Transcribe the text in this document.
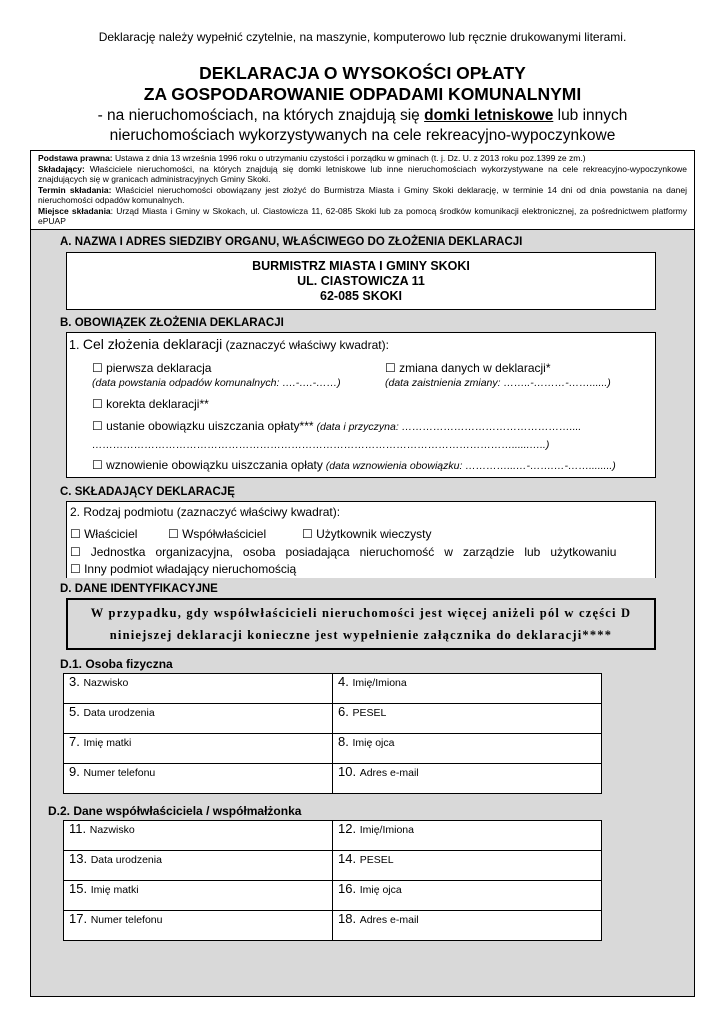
Deklarację należy wypełnić czytelnie, na maszynie, komputerowo lub ręcznie drukowanymi literami.
DEKLARACJA O WYSOKOŚCI OPŁATY
ZA GOSPODAROWANIE ODPADAMI KOMUNALNYMI
- na nieruchomościach, na których znajdują się domki letniskowe lub innych
nieruchomościach wykorzystywanych na cele rekreacyjno-wypoczynkowe
Podstawa prawna: Ustawa z dnia 13 września 1996 roku o utrzymaniu czystości i porządku w gminach (t. j. Dz. U. z 2013 roku poz.1399 ze zm.)
Składający: Właściciele nieruchomości, na których znajdują się domki letniskowe lub inne nieruchomościach wykorzystywane na cele rekreacyjno-wypoczynkowe znajdujących się w granicach administracyjnych Gminy Skoki.
Termin składania: Właściciel nieruchomości obowiązany jest złożyć do Burmistrza Miasta i Gminy Skoki deklarację, w terminie 14 dni od dnia powstania na danej nieruchomości odpadów komunalnych.
Miejsce składania: Urząd Miasta i Gminy w Skokach, ul. Ciastowicza 11, 62-085 Skoki lub za pomocą środków komunikacji elektronicznej, za pośrednictwem platformy ePUAP
A. NAZWA I ADRES SIEDZIBY ORGANU, WŁAŚCIWEGO DO ZŁOŻENIA DEKLARACJI
BURMISTRZ MIASTA I GMINY SKOKI
UL. CIASTOWICZA 11
62-085 SKOKI
B. OBOWIĄZEK ZŁOŻENIA DEKLARACJI
1. Cel złożenia deklaracji (zaznaczyć właściwy kwadrat):
☐ pierwsza deklaracja
(data powstania odpadów komunalnych: ….-….-……)
☐ zmiana danych w deklaracji*
(data zaistnienia zmiany: ……..-………-……......)
☐ korekta deklaracji**
☐ ustanie obowiązku uiszczania opłaty*** (data i przyczyna: …………………………………………....
…………………………………………………………………………………………………………......…..)
☐ wznowienie obowiązku uiszczania opłaty (data wznowienia obowiązku: …………...…-…….…-……........)
C. SKŁADAJĄCY DEKLARACJĘ
2. Rodzaj podmiotu (zaznaczyć właściwy kwadrat):
☐ Właściciel	☐ Współwłaściciel	☐ Użytkownik wieczysty
☐   Jednostka   organizacyjna,   osoba   posiadająca   nieruchomość   w   zarządzie   lub   użytkowaniu
☐ Inny podmiot władający nieruchomością
D. DANE IDENTYFIKACYJNE
W przypadku, gdy współwłaścicieli nieruchomości jest więcej aniżeli pól w części D
niniejszej deklaracji konieczne jest wypełnienie załącznika do deklaracji****
D.1. Osoba fizyczna
3. Nazwisko	4. Imię/Imiona
5. Data urodzenia	6. PESEL
7. Imię matki	8. Imię ojca
9. Numer telefonu	10. Adres e-mail
D.2. Dane współwłaściciela / współmałżonka
11. Nazwisko	12. Imię/Imiona
13. Data urodzenia	14. PESEL
15. Imię matki	16. Imię ojca
17. Numer telefonu	18. Adres e-mail
